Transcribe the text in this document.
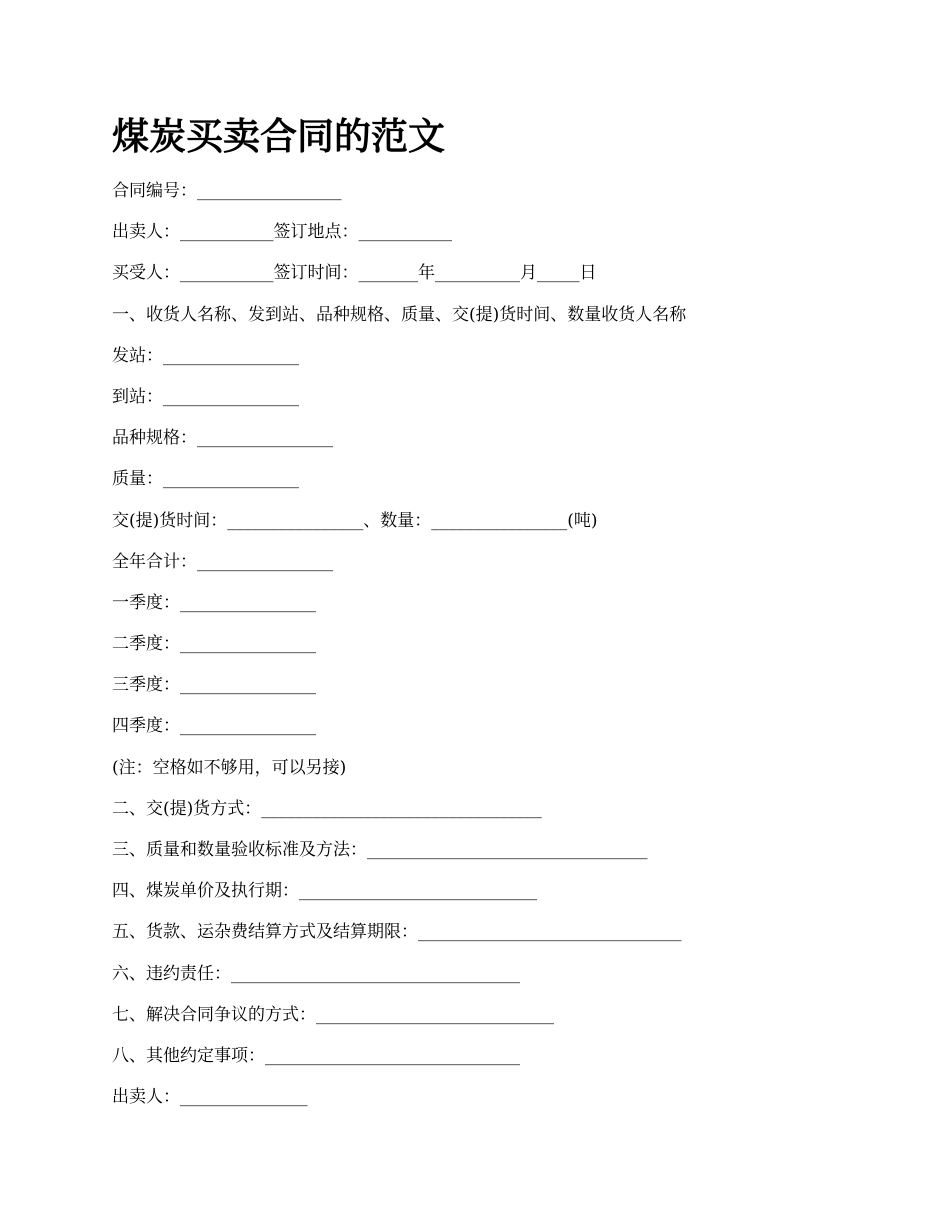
煤炭买卖合同的范文
合同编号：_________________
出卖人：___________签订地点：___________
买受人：___________签订时间：_______年__________月_____日
一、收货人名称、发到站、品种规格、质量、交(提)货时间、数量收货人名称
发站：________________
到站：________________
品种规格：________________
质量：________________
交(提)货时间：________________、数量：________________(吨)
全年合计：________________
一季度：________________
二季度：________________
三季度：________________
四季度：________________
(注：空格如不够用，可以另接)
二、交(提)货方式：_________________________________
三、质量和数量验收标准及方法：_________________________________
四、煤炭单价及执行期：____________________________
五、货款、运杂费结算方式及结算期限：_______________________________
六、违约责任：__________________________________
七、解决合同争议的方式：____________________________
八、其他约定事项：______________________________
出卖人：_______________
